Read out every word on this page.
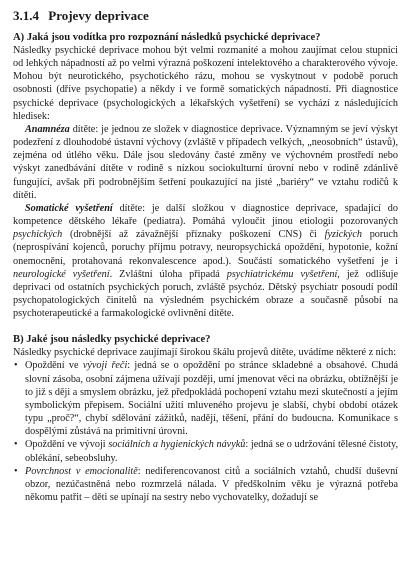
3.1.4 Projevy deprivace
A) Jaká jsou vodítka pro rozpoznání následků psychické deprivace?

Následky psychické deprivace mohou být velmi rozmanité a mohou zaujímat celou stupnici od lehkých nápadností až po velmi výrazná poškození intelektového a charakterového vývoje. Mohou být neurotického, psychotického rázu, mohou se vyskytnout v podobě poruch osobnosti (dříve psychopatie) a někdy i ve formě somatických nápadností. Při diagnostice psychické deprivace (psychologických a lékařských vyšetření) se vychází z následujících hledisek:

Anamnéza dítěte: je jednou ze složek v diagnostice deprivace. Významným se jeví výskyt podezření z dlouhodobé ústavní výchovy (zvláště v případech velkých, „neosobních“ ústavů), zejména od útlého věku. Dále jsou sledovány časté změny ve výchovném prostředí nebo výskyt zanedbávání dítěte v rodině s nízkou sociokulturní úrovní nebo v rodině zdánlivě fungující, avšak při podrobnějším šetření poukazující na jisté „bariéry“ ve vztahu rodičů k dítěti.

Somatické vyšetření dítěte: je další složkou v diagnostice deprivace, spadající do kompetence dětského lékaře (pediatra). Pomáhá vyloučit jinou etiologii pozorovaných psychických (drobnější až závažnější příznaky poškození CNS) či fyzických poruch (neprospívání kojenců, poruchy příjmu potravy, neuropsychická opoždění, hypotonie, kožní onemocnění, protahovaná rekonvalescence apod.). Součástí somatického vyšetření je i neurologické vyšetření. Zvláštní úloha připadá psychiatrickému vyšetření, jež odlišuje deprivaci od ostatních psychických poruch, zvláště psychóz. Dětský psychiatr posoudí podíl psychopatologických činitelů na výsledném psychickém obraze a současně působí na psychoterapeutické a farmakologické ovlivnění dítěte.

B) Jaké jsou následky psychické deprivace?

Následky psychické deprivace zaujímají širokou škálu projevů dítěte, uvádíme některé z nich:

• Opoždění ve vývoji řeči: jedná se o opoždění po stránce skladebné a obsahové. Chudá slovní zásoba, osobní zájmena užívají později, umí jmenovat věci na obrázku, obtížnější je to již s ději a smyslem obrázku, jež předpokládá pochopení vztahu mezi skutečností a jejím symbolickým přepisem. Sociální užití mluveného projevu je slabší, chybí období otázek typu „proč?“, chybí sdělování zážitků, nadějí, těšení, přání do budoucna. Komunikace s dospělými zůstává na primitivní úrovni.
• Opoždění ve vývoji sociálních a hygienických návyků: jedná se o udržování tělesné čistoty, oblékání, sebeobsluhy.
• Povrchnost v emocionalitě: nediferencovanost citů a sociálních vztahů, chudší duševní obzor, nezúčastněná nebo rozmrzelá nálada. V předškolním věku je výrazná potřeba někomu patřit – děti se upínají na sestry nebo vychovatelky, dožadují se
